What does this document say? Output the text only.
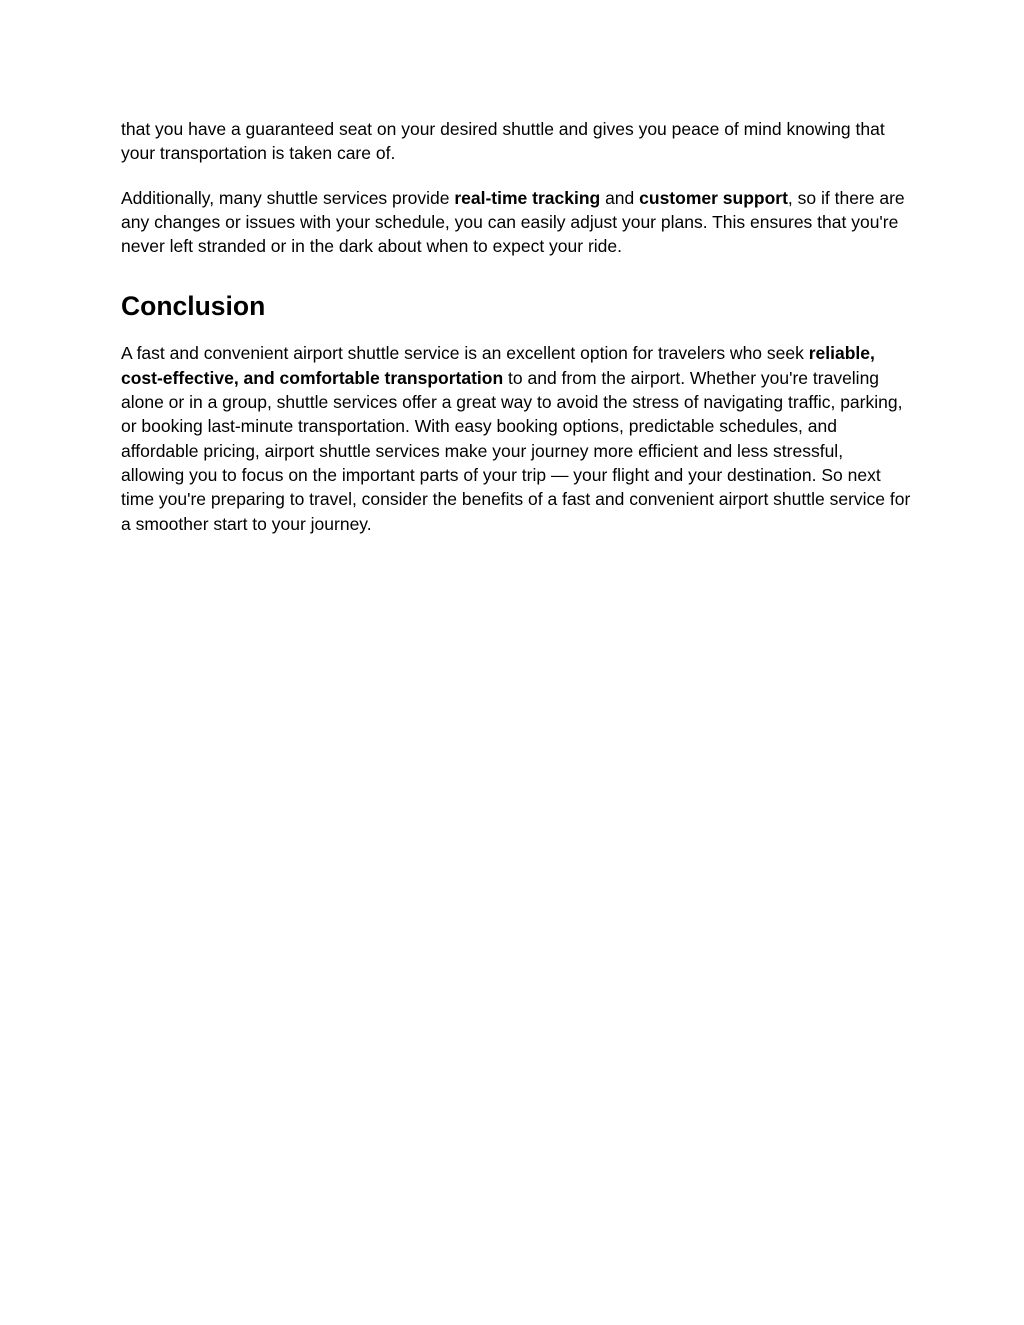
that you have a guaranteed seat on your desired shuttle and gives you peace of mind knowing that your transportation is taken care of.

Additionally, many shuttle services provide real-time tracking and customer support, so if there are any changes or issues with your schedule, you can easily adjust your plans. This ensures that you're never left stranded or in the dark about when to expect your ride.

Conclusion

A fast and convenient airport shuttle service is an excellent option for travelers who seek reliable, cost-effective, and comfortable transportation to and from the airport. Whether you're traveling alone or in a group, shuttle services offer a great way to avoid the stress of navigating traffic, parking, or booking last-minute transportation. With easy booking options, predictable schedules, and affordable pricing, airport shuttle services make your journey more efficient and less stressful, allowing you to focus on the important parts of your trip — your flight and your destination. So next time you're preparing to travel, consider the benefits of a fast and convenient airport shuttle service for a smoother start to your journey.
